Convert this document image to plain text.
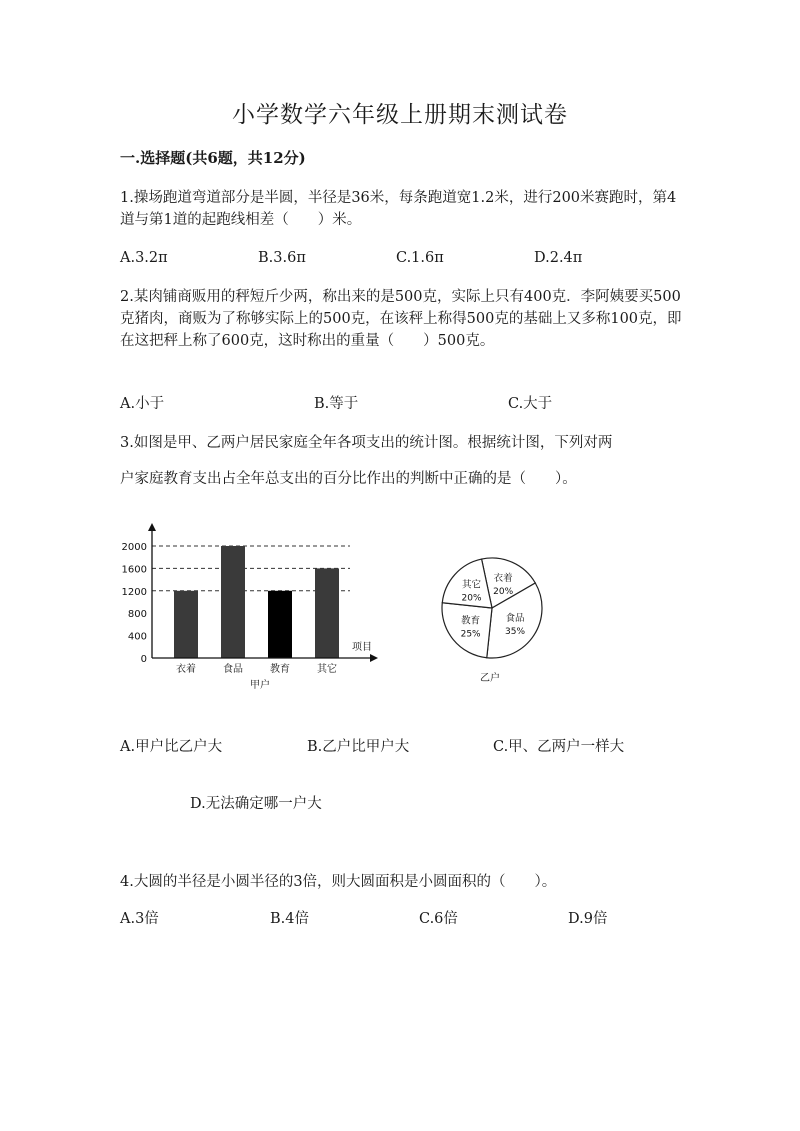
小学数学六年级上册期末测试卷
一.选择题(共6题，共12分)
1.操场跑道弯道部分是半圆，半径是36米，每条跑道宽1.2米，进行200米赛跑时，第4道与第1道的起跑线相差（　　）米。
A.3.2π	B.3.6π	C.1.6π	D.2.4π
2.某肉铺商贩用的秤短斤少两，称出来的是500克，实际上只有400克．李阿姨要买500克猪肉，商贩为了称够实际上的500克，在该秤上称得500克的基础上又多称100克，即在这把秤上称了600克，这时称出的重量（　　）500克。
A.小于	B.等于	C.大于
3.如图是甲、乙两户居民家庭全年各项支出的统计图。根据统计图，下列对两
户家庭教育支出占全年总支出的百分比作出的判断中正确的是（　　）。
衣着	食品	教育	其它
0
400
800
1200
1600
2000
项目
甲户
衣着
20%
食品
35%
教育
25%
其它
20%
乙户
A.甲户比乙户大	B.乙户比甲户大	C.甲、乙两户一样大
D.无法确定哪一户大
4.大圆的半径是小圆半径的3倍，则大圆面积是小圆面积的（　　）。
A.3倍	B.4倍	C.6倍	D.9倍
